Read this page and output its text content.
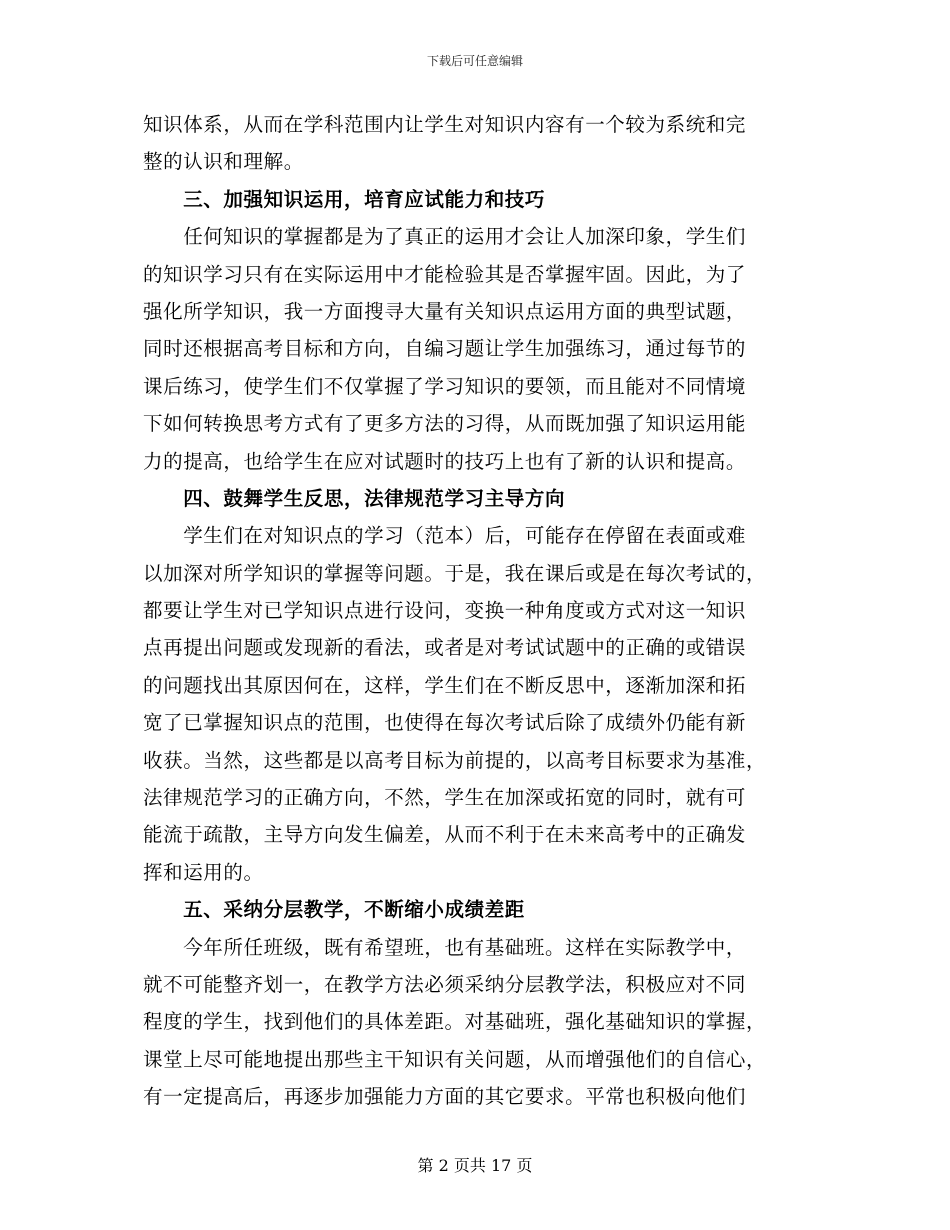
下载后可任意编辑
知识体系，从而在学科范围内让学生对知识内容有一个较为系统和完
整的认识和理解。
　　三、加强知识运用，培育应试能力和技巧
　　任何知识的掌握都是为了真正的运用才会让人加深印象，学生们
的知识学习只有在实际运用中才能检验其是否掌握牢固。因此，为了
强化所学知识，我一方面搜寻大量有关知识点运用方面的典型试题，
同时还根据高考目标和方向，自编习题让学生加强练习，通过每节的
课后练习，使学生们不仅掌握了学习知识的要领，而且能对不同情境
下如何转换思考方式有了更多方法的习得，从而既加强了知识运用能
力的提高，也给学生在应对试题时的技巧上也有了新的认识和提高。
　　四、鼓舞学生反思，法律规范学习主导方向
　　学生们在对知识点的学习（范本）后，可能存在停留在表面或难
以加深对所学知识的掌握等问题。于是，我在课后或是在每次考试的，
都要让学生对已学知识点进行设问，变换一种角度或方式对这一知识
点再提出问题或发现新的看法，或者是对考试试题中的正确的或错误
的问题找出其原因何在，这样，学生们在不断反思中，逐渐加深和拓
宽了已掌握知识点的范围，也使得在每次考试后除了成绩外仍能有新
收获。当然，这些都是以高考目标为前提的，以高考目标要求为基准，
法律规范学习的正确方向，不然，学生在加深或拓宽的同时，就有可
能流于疏散，主导方向发生偏差，从而不利于在未来高考中的正确发
挥和运用的。
　　五、采纳分层教学，不断缩小成绩差距
　　今年所任班级，既有希望班，也有基础班。这样在实际教学中，
就不可能整齐划一，在教学方法必须采纳分层教学法，积极应对不同
程度的学生，找到他们的具体差距。对基础班，强化基础知识的掌握，
课堂上尽可能地提出那些主干知识有关问题，从而增强他们的自信心，
有一定提高后，再逐步加强能力方面的其它要求。平常也积极向他们
第 2 页共 17 页
